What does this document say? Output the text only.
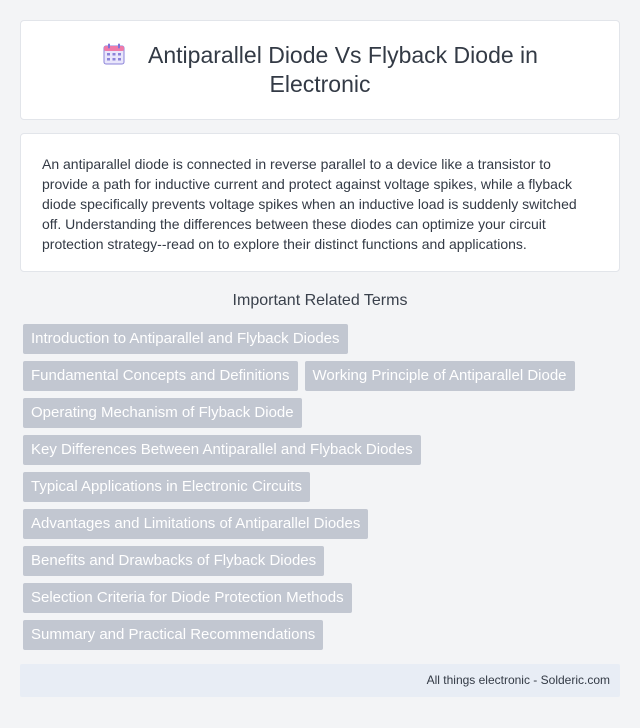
Antiparallel Diode Vs Flyback Diode in Electronic

An antiparallel diode is connected in reverse parallel to a device like a transistor to provide a path for inductive current and protect against voltage spikes, while a flyback diode specifically prevents voltage spikes when an inductive load is suddenly switched off. Understanding the differences between these diodes can optimize your circuit protection strategy--read on to explore their distinct functions and applications.

Important Related Terms
Introduction to Antiparallel and Flyback Diodes
Fundamental Concepts and Definitions	Working Principle of Antiparallel Diode
Operating Mechanism of Flyback Diode
Key Differences Between Antiparallel and Flyback Diodes
Typical Applications in Electronic Circuits
Advantages and Limitations of Antiparallel Diodes
Benefits and Drawbacks of Flyback Diodes
Selection Criteria for Diode Protection Methods
Summary and Practical Recommendations
All things electronic - Solderic.com
